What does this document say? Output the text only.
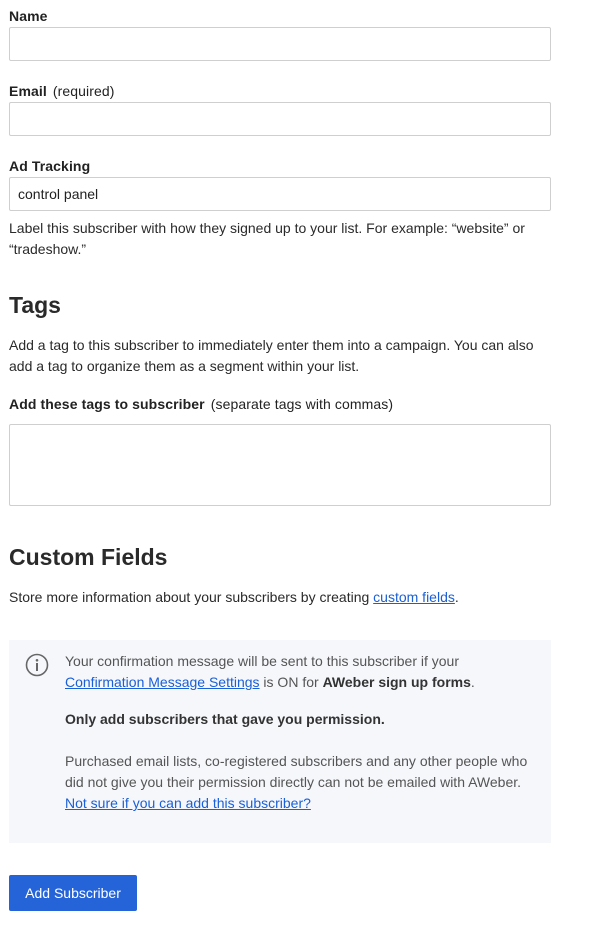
Name
Email (required)
Ad Tracking
control panel
Label this subscriber with how they signed up to your list. For example: “website” or “tradeshow.”
Tags
Add a tag to this subscriber to immediately enter them into a campaign. You can also add a tag to organize them as a segment within your list.
Add these tags to subscriber (separate tags with commas)
Custom Fields
Store more information about your subscribers by creating custom fields.

Your confirmation message will be sent to this subscriber if your Confirmation Message Settings is ON for AWeber sign up forms.

Only add subscribers that gave you permission.

Purchased email lists, co-registered subscribers and any other people who did not give you their permission directly can not be emailed with AWeber. Not sure if you can add this subscriber?

Add Subscriber
